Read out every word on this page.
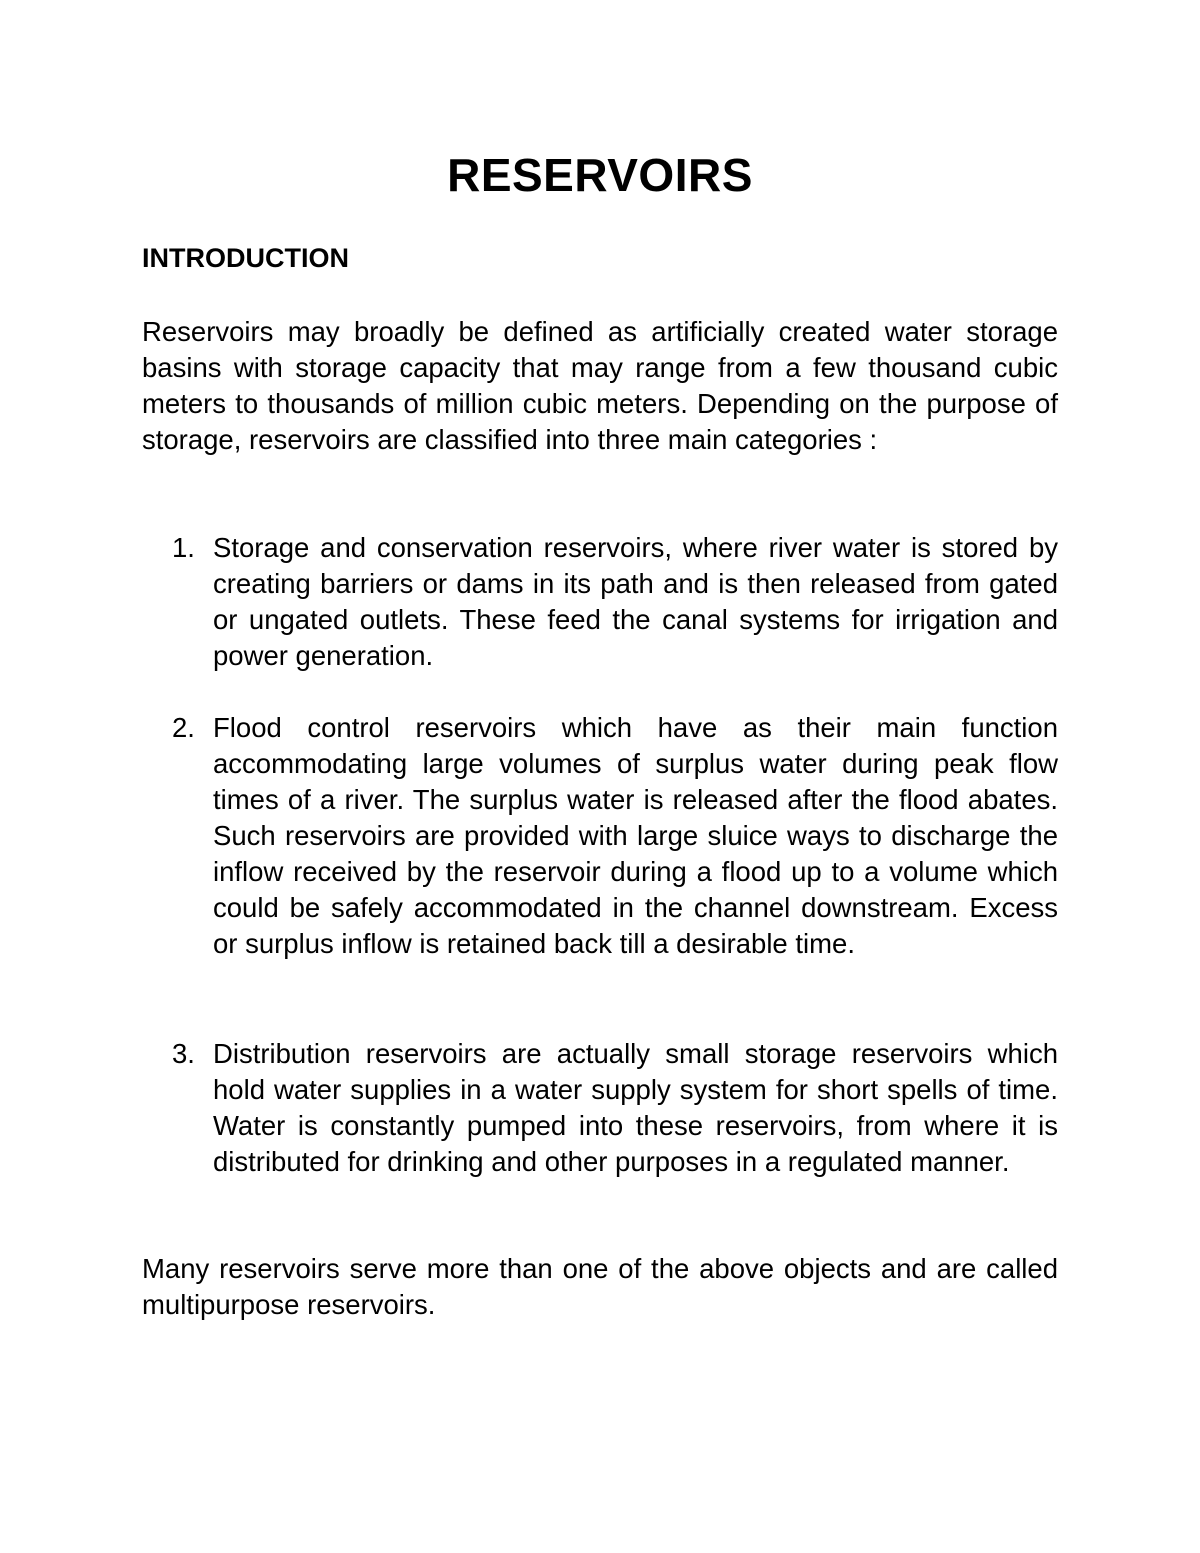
RESERVOIRS
INTRODUCTION

Reservoirs may broadly be defined as artificially created water storage basins with storage capacity that may range from a few thousand cubic meters to thousands of million cubic meters. Depending on the purpose of storage, reservoirs are classified into three main categories :

1. Storage and conservation reservoirs, where river water is stored by creating barriers or dams in its path and is then released from gated or ungated outlets. These feed the canal systems for irrigation and power generation.

2. Flood control reservoirs which have as their main function accommodating large volumes of surplus water during peak flow times of a river. The surplus water is released after the flood abates. Such reservoirs are provided with large sluice ways to discharge the inflow received by the reservoir during a flood up to a volume which could be safely accommodated in the channel downstream. Excess or surplus inflow is retained back till a desirable time.

3. Distribution reservoirs are actually small storage reservoirs which hold water supplies in a water supply system for short spells of time. Water is constantly pumped into these reservoirs, from where it is distributed for drinking and other purposes in a regulated manner.

Many reservoirs serve more than one of the above objects and are called multipurpose reservoirs.
